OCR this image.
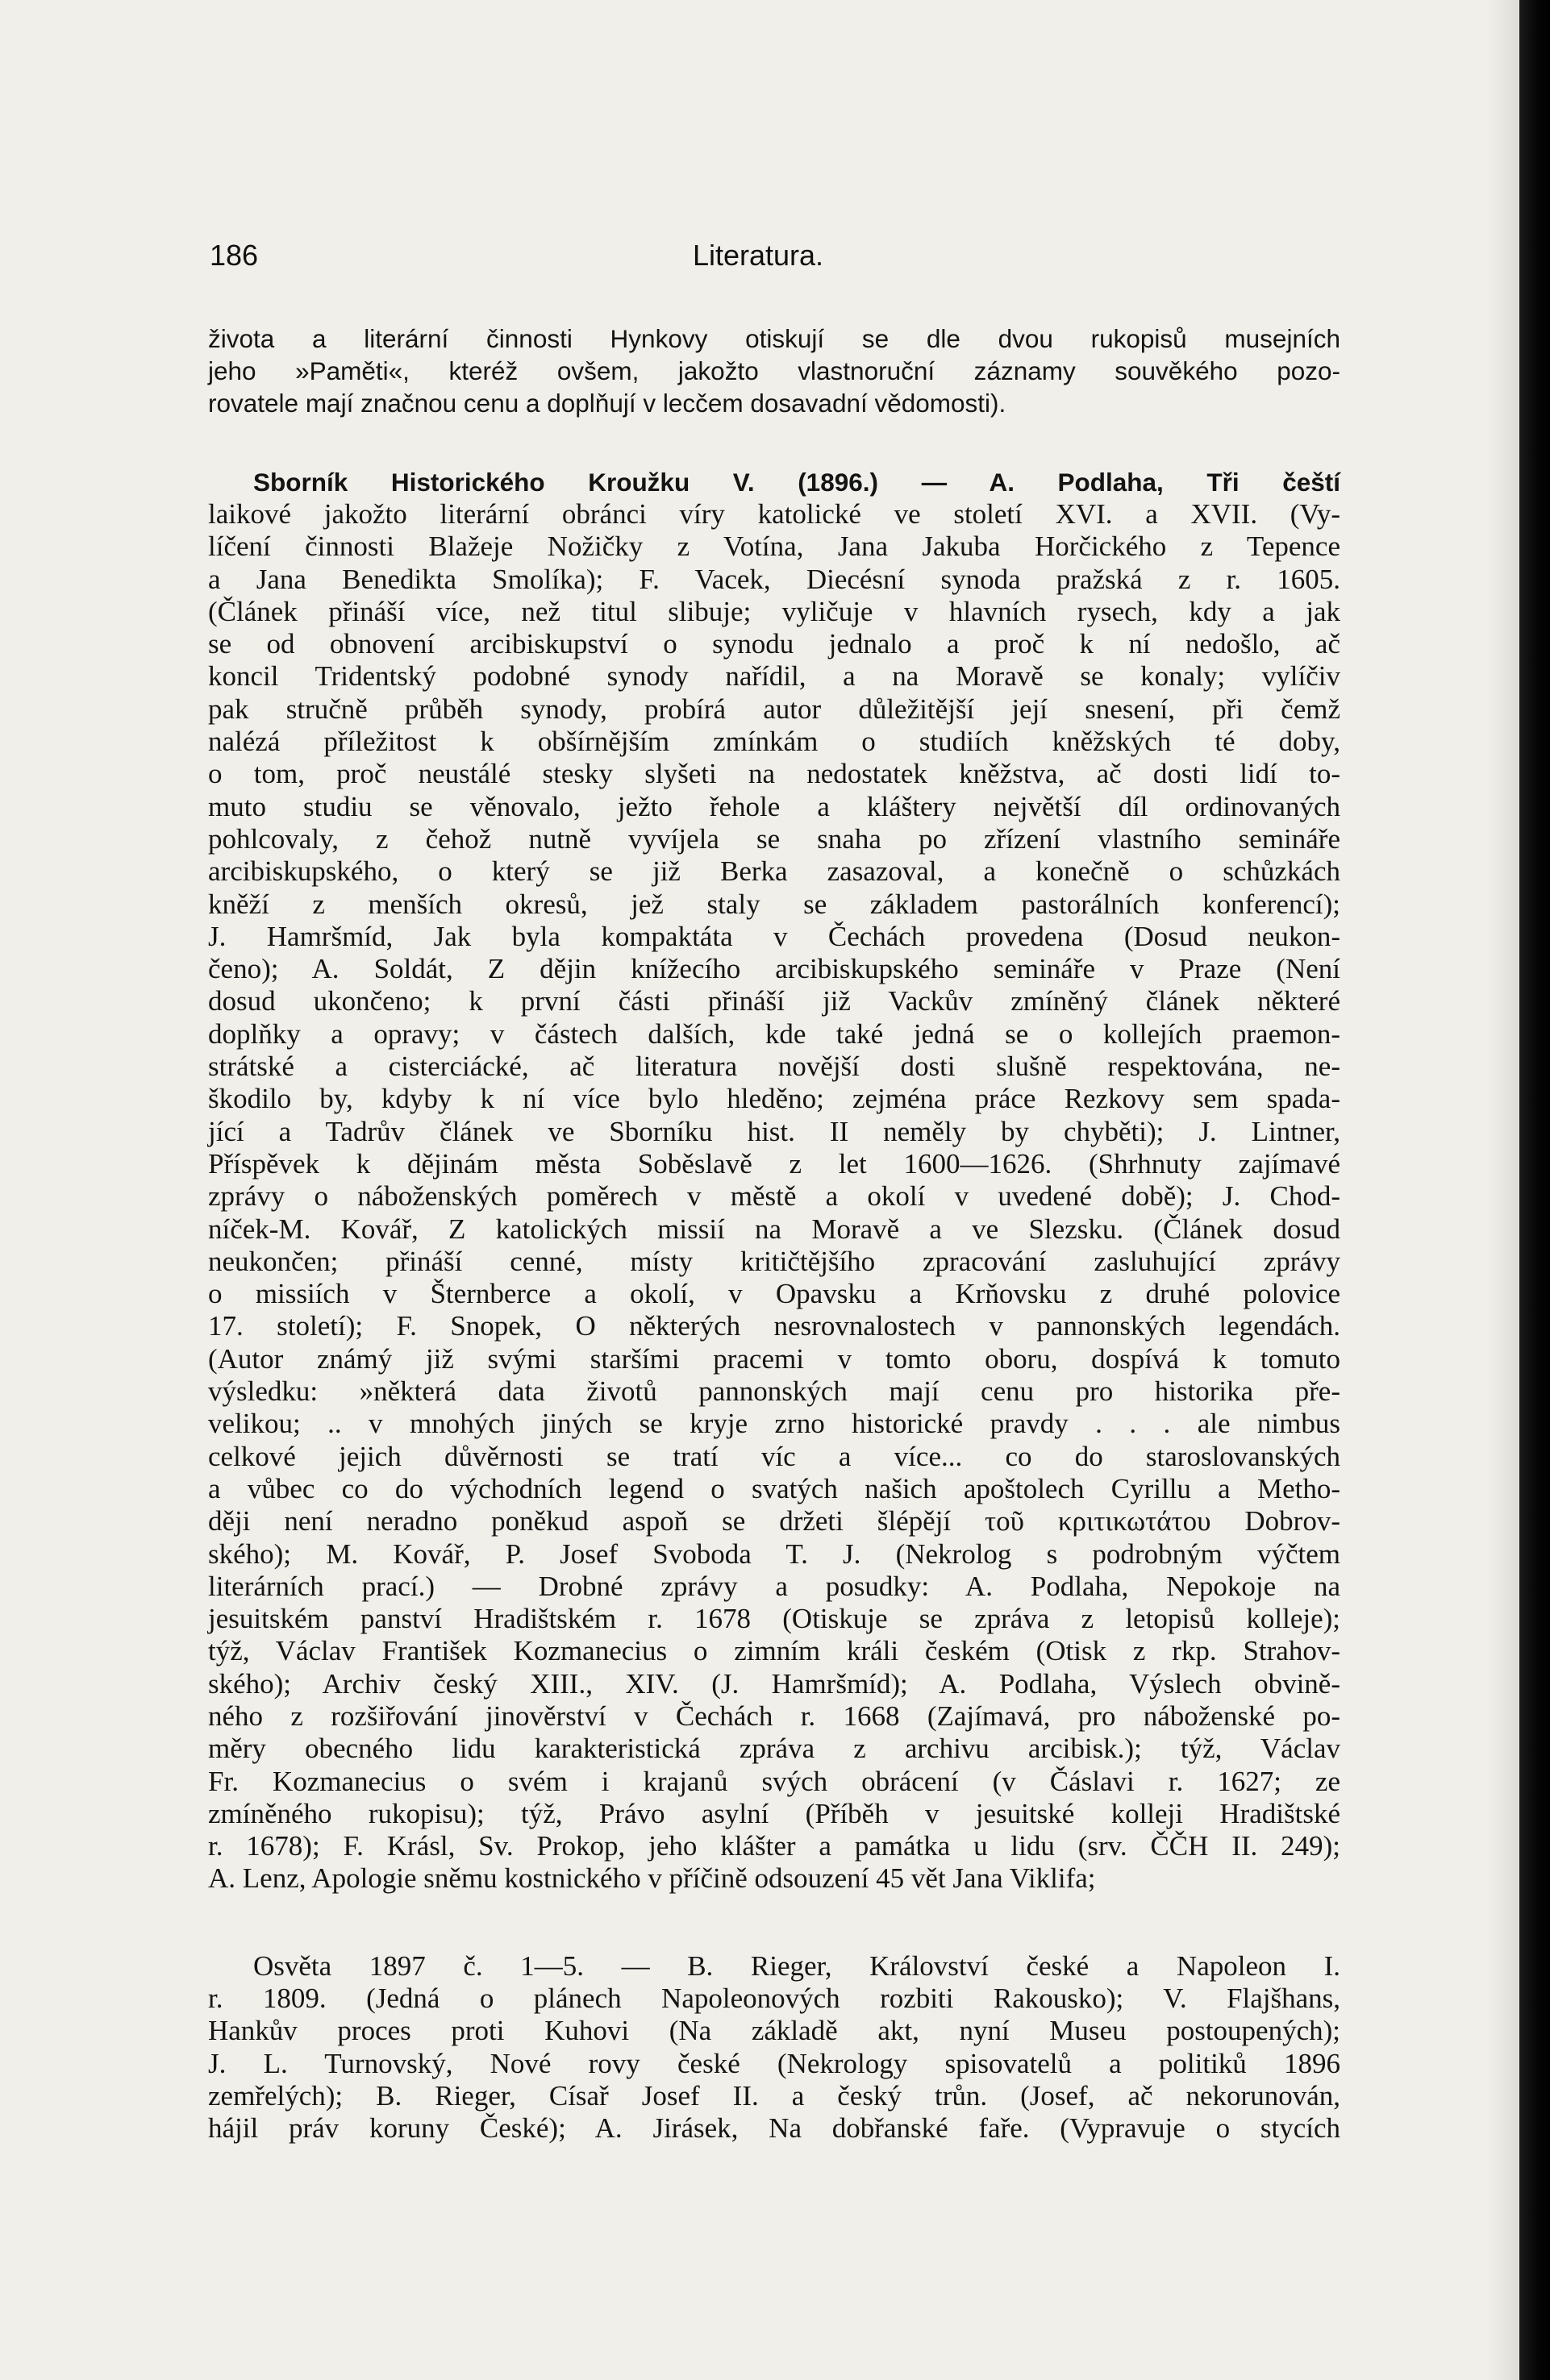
186	Literatura.
života a literární činnosti Hynkovy otiskují se dle dvou rukopisů musejních
jeho »Paměti«, kteréž ovšem, jakožto vlastnoruční záznamy souvěkého pozo-
rovatele mají značnou cenu a doplňují v lecčem dosavadní vědomosti).
Sborník Historického Kroužku V. (1896.) — A. Podlaha, Tři čeští
laikové jakožto literární obránci víry katolické ve století XVI. a XVII. (Vy-
líčení činnosti Blažeje Nožičky z Votína, Jana Jakuba Horčického z Tepence
a Jana Benedikta Smolíka); F. Vacek, Diecésní synoda pražská z r. 1605.
(Článek přináší více, než titul slibuje; vyličuje v hlavních rysech, kdy a jak
se od obnovení arcibiskupství o synodu jednalo a proč k ní nedošlo, ač
koncil Tridentský podobné synody nařídil, a na Moravě se konaly; vylíčiv
pak stručně průběh synody, probírá autor důležitější její snesení, při čemž
nalézá příležitost k obšírnějším zmínkám o studiích kněžských té doby,
o tom, proč neustálé stesky slyšeti na nedostatek kněžstva, ač dosti lidí to-
muto studiu se věnovalo, ježto řehole a kláštery největší díl ordinovaných
pohlcovaly, z čehož nutně vyvíjela se snaha po zřízení vlastního semináře
arcibiskupského, o který se již Berka zasazoval, a konečně o schůzkách
kněží z menších okresů, jež staly se základem pastorálních konferencí);
J. Hamršmíd, Jak byla kompaktáta v Čechách provedena (Dosud neukon-
čeno); A. Soldát, Z dějin knížecího arcibiskupského semináře v Praze (Není
dosud ukončeno; k první části přináší již Vackův zmíněný článek některé
doplňky a opravy; v částech dalších, kde také jedná se o kollejích praemon-
strátské a cisterciácké, ač literatura novější dosti slušně respektována, ne-
škodilo by, kdyby k ní více bylo hleděno; zejména práce Rezkovy sem spada-
jící a Tadrův článek ve Sborníku hist. II neměly by chyběti); J. Lintner,
Příspěvek k dějinám města Soběslavě z let 1600—1626. (Shrhnuty zajímavé
zprávy o náboženských poměrech v městě a okolí v uvedené době); J. Chod-
níček-M. Kovář, Z katolických missií na Moravě a ve Slezsku. (Článek dosud
neukončen; přináší cenné, místy kritičtějšího zpracování zasluhující zprávy
o missiích v Šternberce a okolí, v Opavsku a Krňovsku z druhé polovice
17. století); F. Snopek, O některých nesrovnalostech v pannonských legendách.
(Autor známý již svými staršími pracemi v tomto oboru, dospívá k tomuto
výsledku: »některá data životů pannonských mají cenu pro historika pře-
velikou; .. v mnohých jiných se kryje zrno historické pravdy . . . ale nimbus
celkové jejich důvěrnosti se tratí víc a více... co do staroslovanských
a vůbec co do východních legend o svatých našich apoštolech Cyrillu a Metho-
ději není neradno poněkud aspoň se držeti šlépějí τοῦ κριτικωτάτου Dobrov-
ského); M. Kovář, P. Josef Svoboda T. J. (Nekrolog s podrobným výčtem
literárních prací.) — Drobné zprávy a posudky: A. Podlaha, Nepokoje na
jesuitském panství Hradištském r. 1678 (Otiskuje se zpráva z letopisů kolleje);
týž, Václav František Kozmanecius o zimním králi českém (Otisk z rkp. Strahov-
ského); Archiv český XIII., XIV. (J. Hamršmíd); A. Podlaha, Výslech obvině-
ného z rozšiřování jinověrství v Čechách r. 1668 (Zajímavá, pro náboženské po-
měry obecného lidu karakteristická zpráva z archivu arcibisk.); týž, Václav
Fr. Kozmanecius o svém i krajanů svých obrácení (v Čáslavi r. 1627; ze
zmíněného rukopisu); týž, Právo asylní (Příběh v jesuitské kolleji Hradištské
r. 1678); F. Krásl, Sv. Prokop, jeho klášter a památka u lidu (srv. ČČH II. 249);
A. Lenz, Apologie sněmu kostnického v příčině odsouzení 45 vět Jana Viklifa;
Osvěta 1897 č. 1—5. — B. Rieger, Království české a Napoleon I.
r. 1809. (Jedná o plánech Napoleonových rozbiti Rakousko); V. Flajšhans,
Hankův proces proti Kuhovi (Na základě akt, nyní Museu postoupených);
J. L. Turnovský, Nové rovy české (Nekrology spisovatelů a politiků 1896
zemřelých); B. Rieger, Císař Josef II. a český trůn. (Josef, ač nekorunován,
hájil práv koruny České); A. Jirásek, Na dobřanské faře. (Vypravuje o stycích
